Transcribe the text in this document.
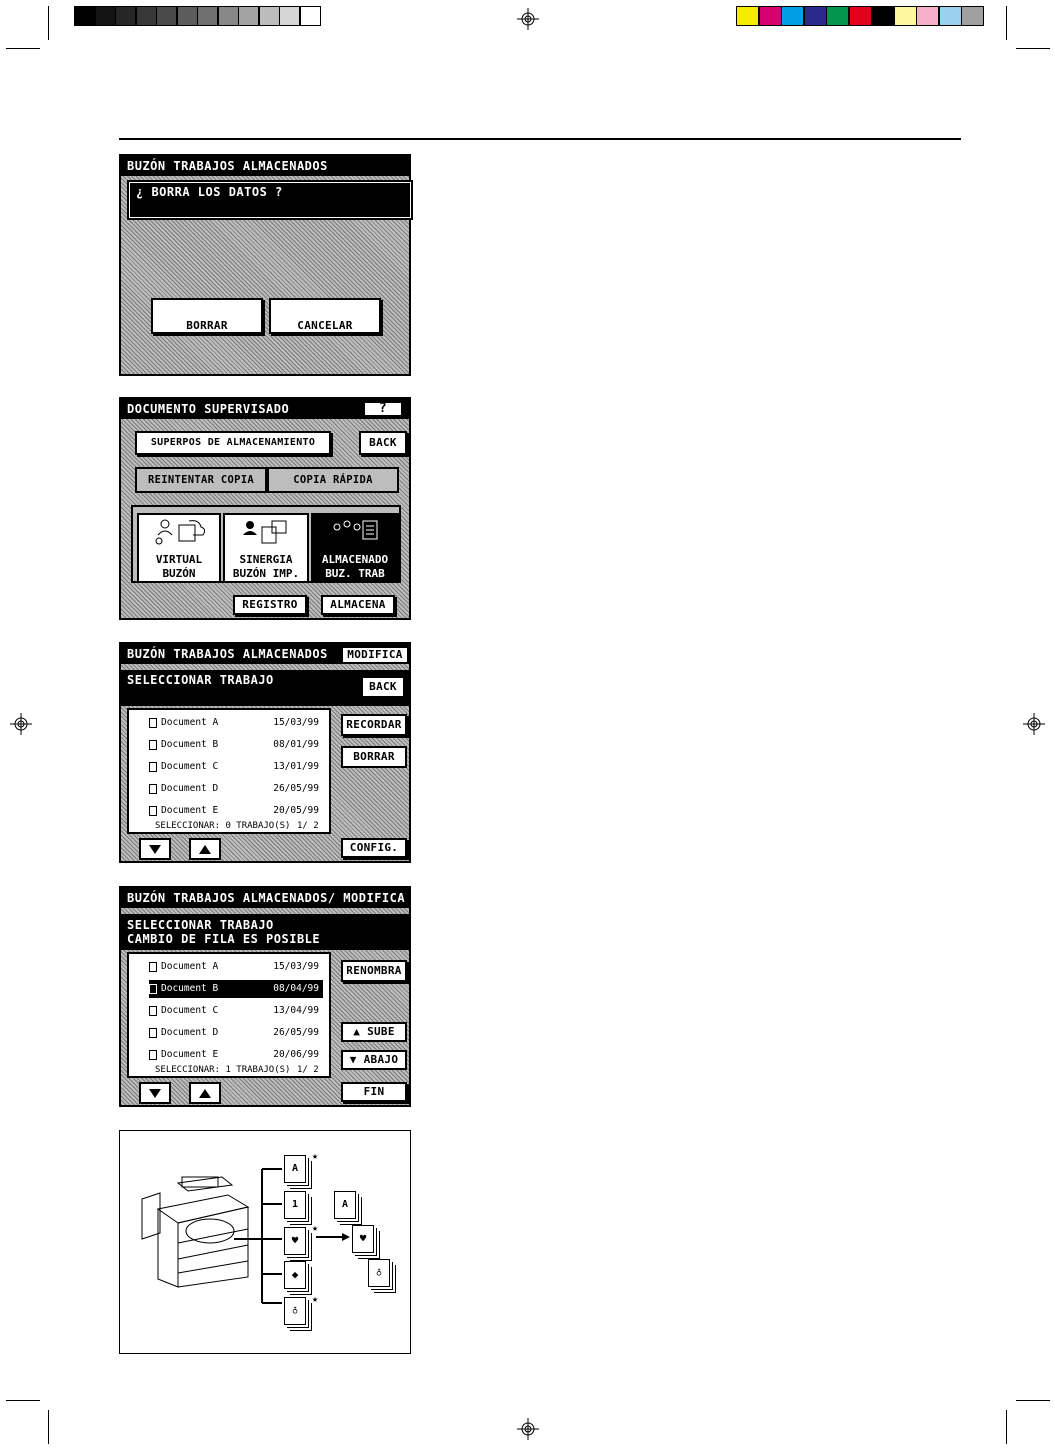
BUZÓN TRABAJOS ALMACENADOS
¿ BORRA LOS DATOS ?
BORRAR	CANCELAR
DOCUMENTO SUPERVISADO	?
SUPERPOS DE ALMACENAMIENTO	BACK
REINTENTAR COPIA	COPIA RÁPIDA
VIRTUAL
BUZÓN
SINERGIA
BUZÓN IMP.
ALMACENADO
BUZ. TRAB
REGISTRO	ALMACENA
BUZÓN TRABAJOS ALMACENADOS	MODIFICA
SELECCIONAR TRABAJO	BACK
Document A	15/03/99
Document B	08/01/99
Document C	13/01/99
Document D	26/05/99
Document E	20/05/99
SELECCIONAR: 0 TRABAJO(S) 1/ 2
RECORDAR
BORRAR
CONFIG.
BUZÓN TRABAJOS ALMACENADOS/ MODIFICA
SELECCIONAR TRABAJO
CAMBIO DE FILA ES POSIBLE
Document A	15/03/99
Document B	08/04/99
Document C	13/04/99
Document D	26/05/99
Document E	20/06/99
SELECCIONAR: 1 TRABAJO(S) 1/ 2
RENOMBRA
▲ SUBE
▼ ABAJO
FIN
A
1
♥
◆
♁
★
★
★
A
♥
♁
